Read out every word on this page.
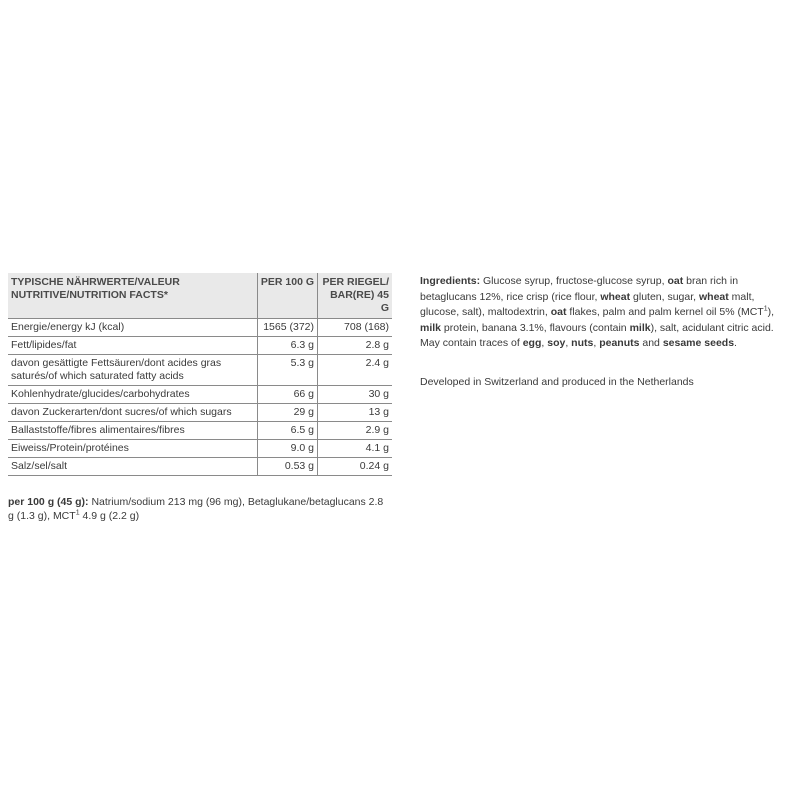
TYPISCHE NÄHRWERTE/VALEUR NUTRITIVE/NUTRITION FACTS*	PER 100 G	PER RIEGEL/ BAR(RE) 45 G
Energie/energy kJ (kcal)	1565 (372)	708 (168)
Fett/lipides/fat	6.3 g	2.8 g
davon gesättigte Fettsäuren/dont acides gras saturés/of which saturated fatty acids	5.3 g	2.4 g
Kohlenhydrate/glucides/carbohydrates	66 g	30 g
davon Zuckerarten/dont sucres/of which sugars	29 g	13 g
Ballaststoffe/fibres alimentaires/fibres	6.5 g	2.9 g
Eiweiss/Protein/protéines	9.0 g	4.1 g
Salz/sel/salt	0.53 g	0.24 g
per 100 g (45 g): Natrium/sodium 213 mg (96 mg), Betaglukane/betaglucans 2.8 g (1.3 g), MCT$^1$ 4.9 g (2.2 g)
Ingredients: Glucose syrup, fructose-glucose syrup, oat bran rich in betaglucans 12%, rice crisp (rice flour, wheat gluten, sugar, wheat malt, glucose, salt), maltodextrin, oat flakes, palm and palm kernel oil 5% (MCT$^1$), milk protein, banana 3.1%, flavours (contain milk), salt, acidulant citric acid. May contain traces of egg, soy, nuts, peanuts and sesame seeds.
Developed in Switzerland and produced in the Netherlands
